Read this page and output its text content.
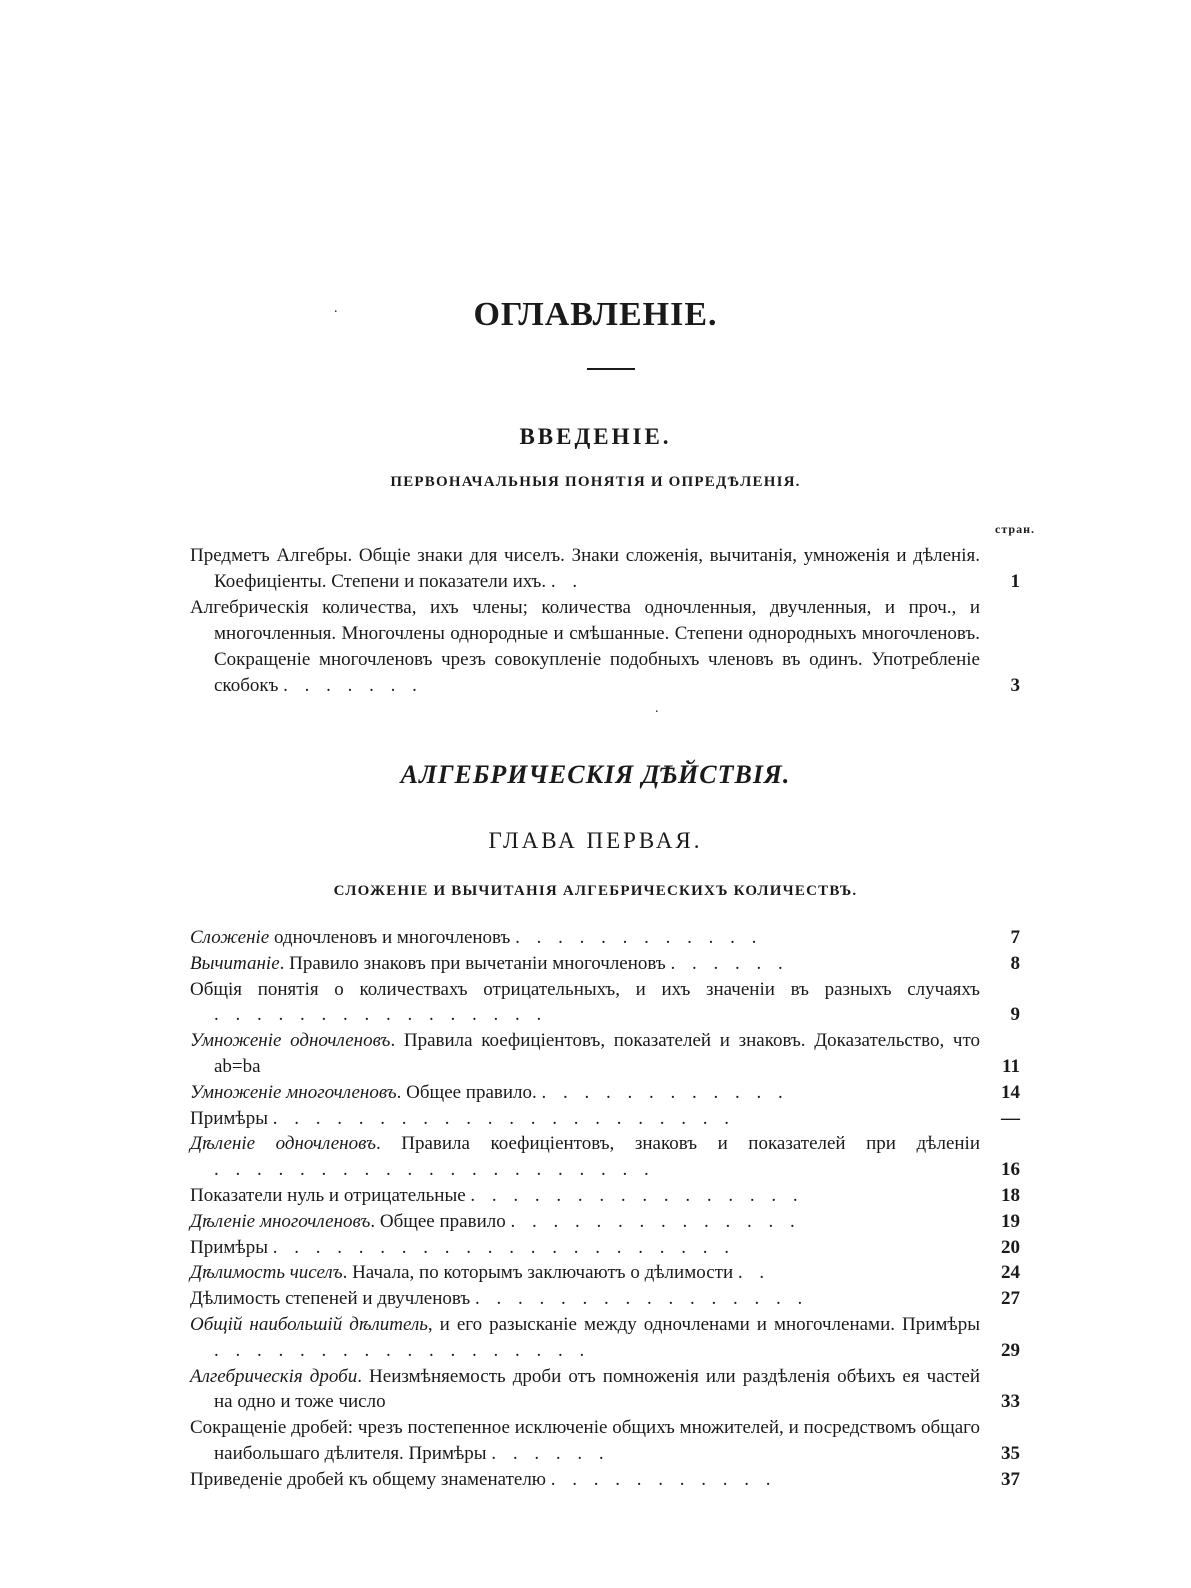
.
.
ОГЛАВЛЕНІЕ.
ВВЕДЕНІЕ.
ПЕРВОНАЧАЛЬНЫЯ ПОНЯТІЯ И ОПРЕДѢЛЕНІЯ.
стран.
Предметъ Алгебры. Общіе знаки для чиселъ. Знаки сложенія, вычитанія, умноженія и дѣленія. Коефиціенты. Степени и показатели ихъ. . .	1
Алгебрическія количества, ихъ члены; количества одночленныя, двучленныя, и проч., и многочленныя. Многочлены однородные и смѣшанные. Степени однородныхъ многочленовъ. Сокращеніе многочленовъ чрезъ совокупленіе подобныхъ членовъ въ одинъ. Употребленіе скобокъ . . . . . . .	3
АЛГЕБРИЧЕСКІЯ ДѢЙСТВІЯ.
ГЛАВА ПЕРВАЯ.
СЛОЖЕНІЕ И ВЫЧИТАНІЯ АЛГЕБРИЧЕСКИХЪ КОЛИЧЕСТВЪ.
Сложеніе одночленовъ и многочленовъ . . . . . . . . . . . .	7
Вычитаніе. Правило знаковъ при вычетаніи многочленовъ . . . . . .	8
Общія понятія о количествахъ отрицательныхъ, и ихъ значеніи въ разныхъ случаяхъ . . . . . . . . . . . . . . . .	9
Умноженіе одночленовъ. Правила коефиціентовъ, показателей и знаковъ. Доказательство, что ab=ba	11
Умноженіе многочленовъ. Общее правило. . . . . . . . . . . . .	14
Примѣры . . . . . . . . . . . . . . . . . . . . . .	—
Дѣленіе одночленовъ. Правила коефиціентовъ, знаковъ и показателей при дѣленіи . . . . . . . . . . . . . . . . . . . . .	16
Показатели нуль и отрицательные . . . . . . . . . . . . . . . .	18
Дѣленіе многочленовъ. Общее правило . . . . . . . . . . . . . .	19
Примѣры . . . . . . . . . . . . . . . . . . . . . .	20
Дѣлимость чиселъ. Начала, по которымъ заключаютъ о дѣлимости . .	24
Дѣлимость степеней и двучленовъ . . . . . . . . . . . . . . . .	27
Общій наибольшій дѣлитель, и его разысканіе между одночленами и многочленами. Примѣры . . . . . . . . . . . . . . . . . .	29
Алгебрическія дроби. Неизмѣняемость дроби отъ помноженія или раздѣленія обѣихъ ея частей на одно и тоже число	33
Сокращеніе дробей: чрезъ постепенное исключеніе общихъ множителей, и посредствомъ общаго наибольшаго дѣлителя. Примѣры . . . . . .	35
Приведеніе дробей къ общему знаменателю . . . . . . . . . . .	37
